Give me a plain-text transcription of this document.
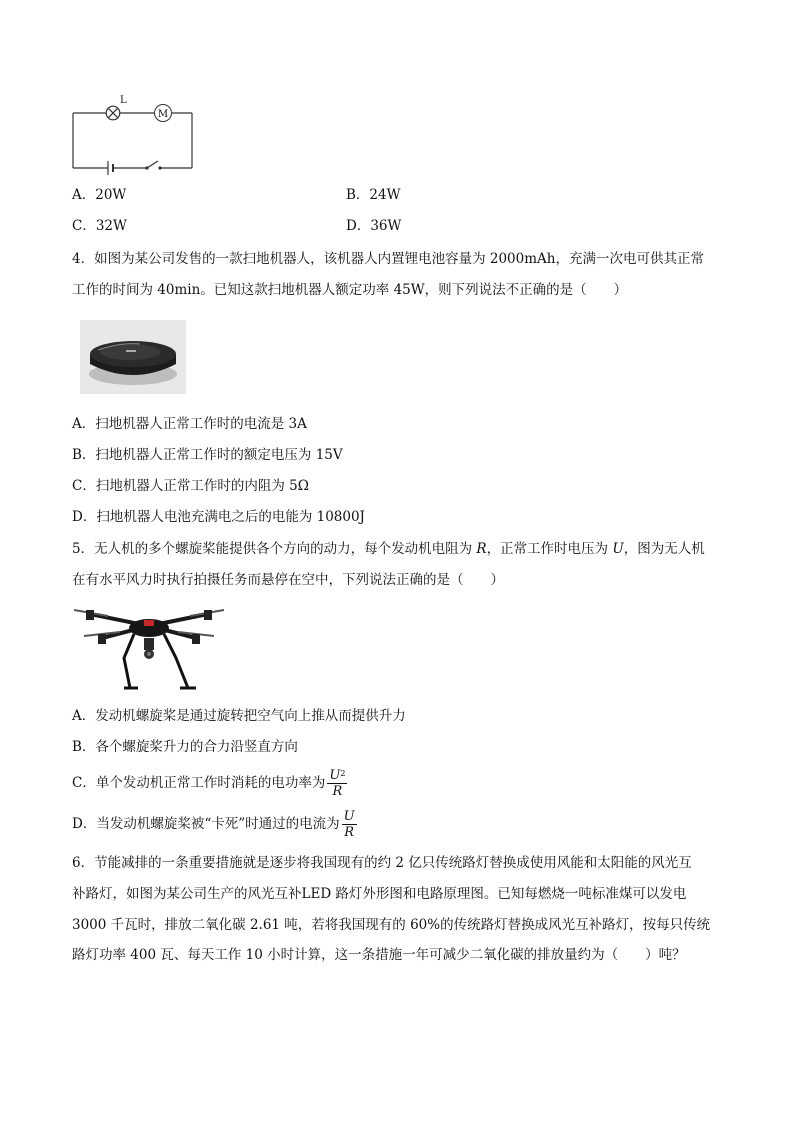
L
M
A．20W	B．24W
C．32W	D．36W
4．如图为某公司发售的一款扫地机器人，该机器人内置锂电池容量为 2000mAh，充满一次电可供其正常
工作的时间为 40min。已知这款扫地机器人额定功率 45W，则下列说法不正确的是（　　）
A．扫地机器人正常工作时的电流是 3A
B．扫地机器人正常工作时的额定电压为 15V
C．扫地机器人正常工作时的内阻为 5Ω
D．扫地机器人电池充满电之后的电能为 10800J
5．无人机的多个螺旋桨能提供各个方向的动力，每个发动机电阻为 R，正常工作时电压为 U，图为无人机
在有水平风力时执行拍摄任务而悬停在空中，下列说法正确的是（　　）
A．发动机螺旋桨是通过旋转把空气向上推从而提供升力
B．各个螺旋桨升力的合力沿竖直方向
C．单个发动机正常工作时消耗的电功率为 $\frac{U^2}{R}$
D．当发动机螺旋桨被“卡死”时通过的电流为 $\frac{U}{R}$
6．节能减排的一条重要措施就是逐步将我国现有的约 2 亿只传统路灯替换成使用风能和太阳能的风光互
补路灯，如图为某公司生产的风光互补LED 路灯外形图和电路原理图。已知每燃烧一吨标准煤可以发电
3000 千瓦时，排放二氧化碳 2.61 吨，若将我国现有的 60%的传统路灯替换成风光互补路灯，按每只传统
路灯功率 400 瓦、每天工作 10 小时计算，这一条措施一年可减少二氧化碳的排放量约为（　　）吨？
